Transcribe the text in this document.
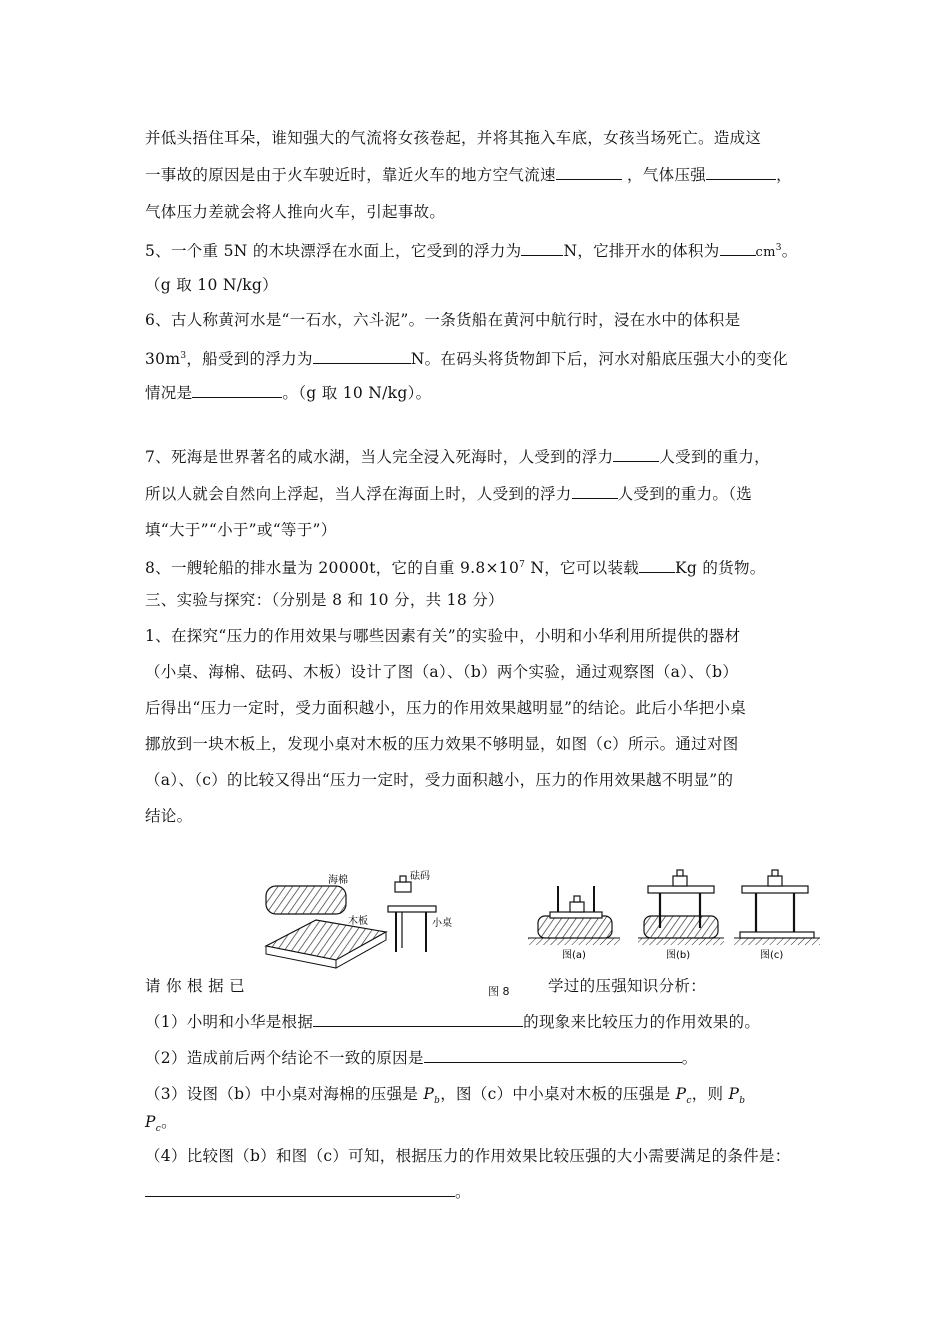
并低头捂住耳朵，谁知强大的气流将女孩卷起，并将其拖入车底，女孩当场死亡。造成这
一事故的原因是由于火车驶近时，靠近火车的地方空气流速	，气体压强	，
气体压力差就会将人推向火车，引起事故。
5、一个重 5N 的木块漂浮在水面上，它受到的浮力为	N，它排开水的体积为	$cm^3$。
（g 取 10 N/kg）
6、古人称黄河水是“一石水，六斗泥”。一条货船在黄河中航行时，浸在水中的体积是
$30m^3$，船受到的浮力为	N。在码头将货物卸下后，河水对船底压强大小的变化
情况是	。（g 取 10 N/kg）。
7、死海是世界著名的咸水湖，当人完全浸入死海时，人受到的浮力	人受到的重力，
所以人就会自然向上浮起，当人浮在海面上时，人受到的浮力	人受到的重力。（选
填“大于”“小于”或“等于”）
8、一艘轮船的排水量为 20000t，它的自重 $9.8\times 10^7$ N，它可以装载 Kg 的货物。
三、实验与探究：（分别是 8 和 10 分，共 18 分）
1、在探究“压力的作用效果与哪些因素有关”的实验中，小明和小华利用所提供的器材
（小桌、海棉、砝码、木板）设计了图（a）、（b）两个实验，通过观察图（a）、（b）
后得出“压力一定时，受力面积越小，压力的作用效果越明显”的结论。此后小华把小桌
挪放到一块木板上，发现小桌对木板的压力效果不够明显，如图（c）所示。通过对图
（a）、（c）的比较又得出“压力一定时，受力面积越小，压力的作用效果越不明显”的
结论。
海棉
木板
砝码
小桌
图(a)	图(b)	图(c)
请 你 根 据 已	图 8 学过的压强知识分析：
（1）小明和小华是根据	的现象来比较压力的作用效果的。
（2）造成前后两个结论不一致的原因是	。
（3）设图（b）中小桌对海棉的压强是 $P_b$，图（c）中小桌对木板的压强是 $P_c$，则 $P_b$
$P_c$。
（4）比较图（b）和图（c）可知，根据压力的作用效果比较压强的大小需要满足的条件是：
。
